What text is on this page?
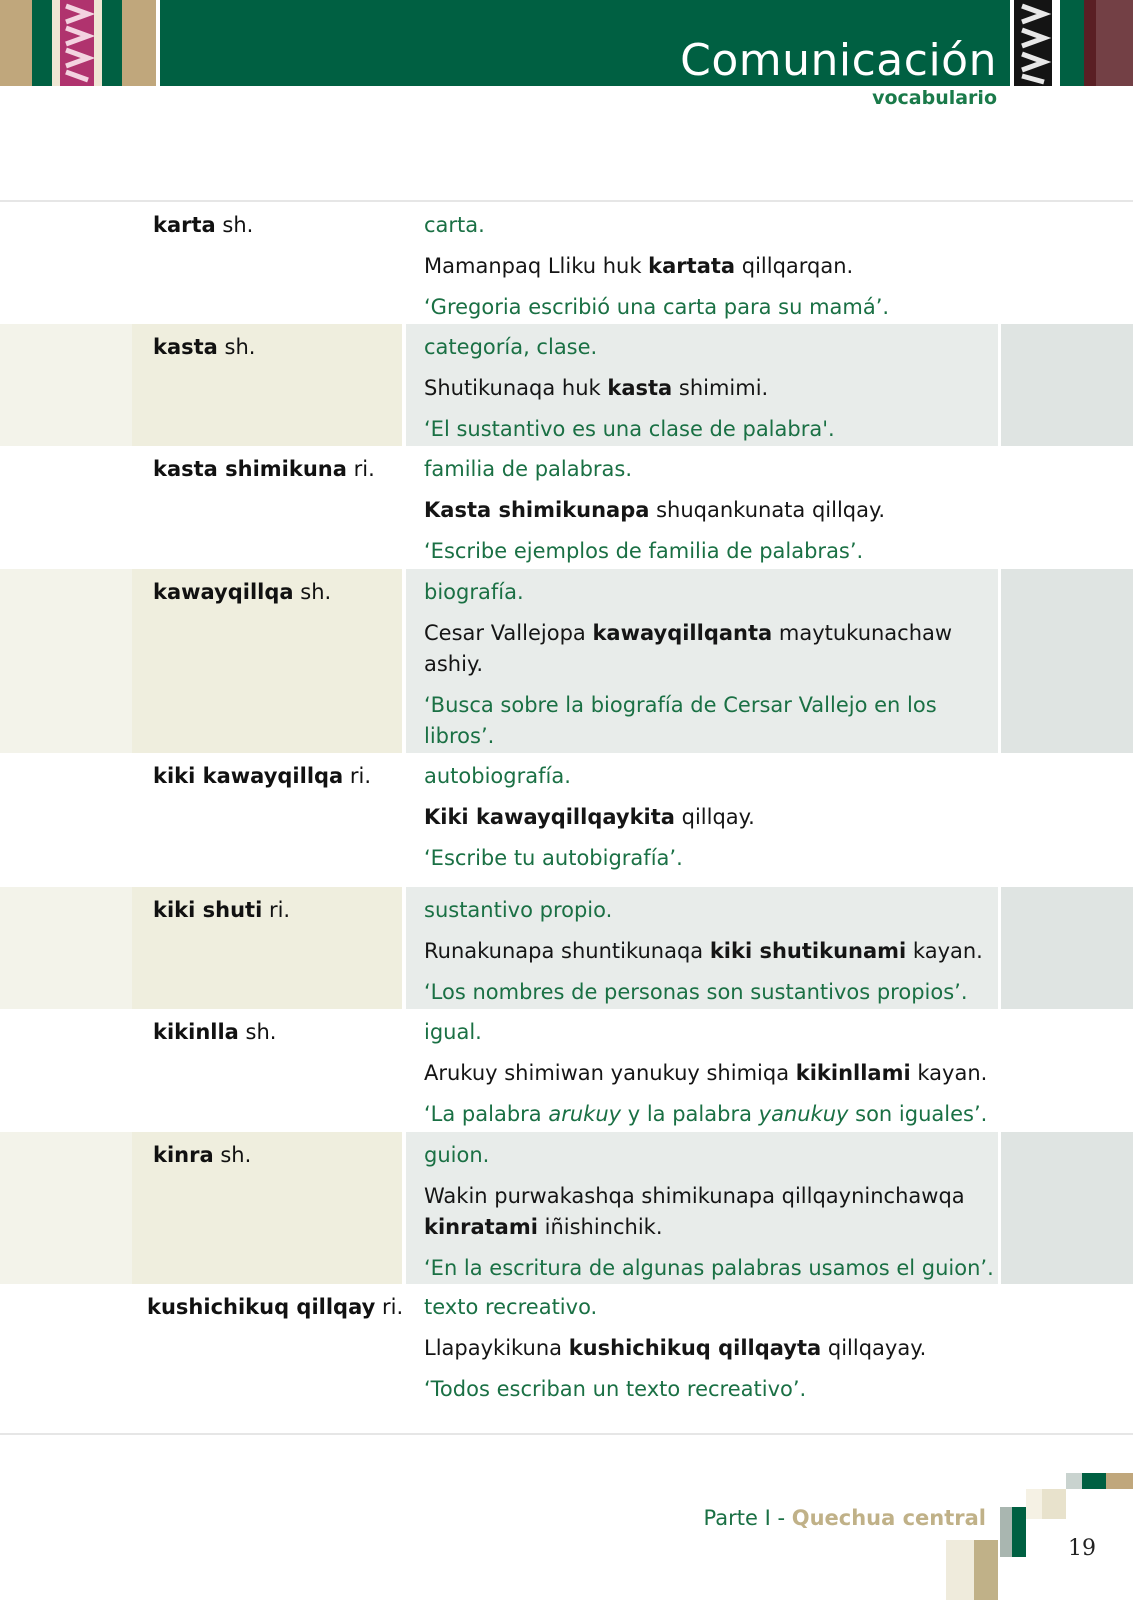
Comunicación
vocabulario
karta sh.	carta.

Mamanpaq Lliku huk kartata qillqarqan.

‘Gregoria escribió una carta para su mamá’.

kasta sh.	categoría, clase.

Shutikunaqa huk kasta shimimi.

‘El sustantivo es una clase de palabra'.

kasta shimikuna ri.	familia de palabras.

Kasta shimikunapa shuqankunata qillqay.

‘Escribe ejemplos de familia de palabras’.

kawayqillqa sh.	biografía.

Cesar Vallejopa kawayqillqanta maytukunachaw ashiy.

‘Busca sobre la biografía de Cersar Vallejo en los libros’.

kiki kawayqillqa ri.	autobiografía.

Kiki kawayqillqaykita qillqay.

‘Escribe tu autobigrafía’.

kiki shuti ri.	sustantivo propio.

Runakunapa shuntikunaqa kiki shutikunami kayan.

‘Los nombres de personas son sustantivos propios’.

kikinlla sh.	igual.

Arukuy shimiwan yanukuy shimiqa kikinllami kayan.

‘La palabra arukuy y la palabra yanukuy son iguales’.

kinra sh.	guion.

Wakin purwakashqa shimikunapa qillqayninchawqa kinratami iñishinchik.

‘En la escritura de algunas palabras usamos el guion’.

kushichikuq qillqay ri. texto recreativo.

Llapaykikuna kushichikuq qillqayta qillqayay.

‘Todos escriban un texto recreativo’.

Parte I - Quechua central
19
